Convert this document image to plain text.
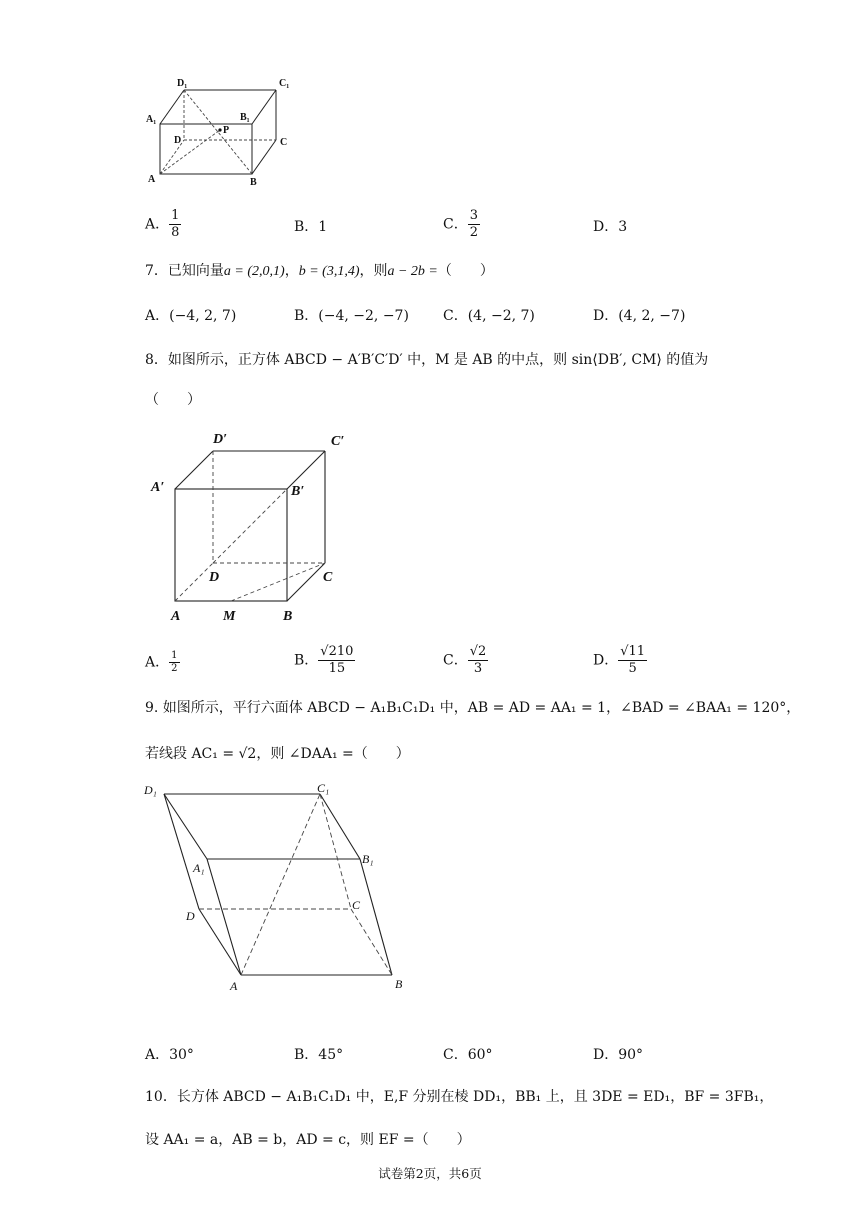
D₁	C₁
A₁	B₁
D
P
C
A	B
A． $\frac{1}{8}$	B．1	C． $\frac{3}{2}$	D．3
7．已知向量a = (2,0,1)，b = (3,1,4)，则a − 2b =（　　）
A．(−4, 2, 7)	B．(−4, −2, −7) C．(4, −2, 7)	D．(4, 2, −7)
8．如图所示，正方体 ABCD − A′B′C′D′ 中，M 是 AB 的中点，则 sin⟨DB′, CM⟩ 的值为
（　　）
D′	C′
A′	B′
D	C
A	M	B
A． $\frac{1}{2}$	B． $\frac{√210}{15}$	C． $\frac{√2}{3}$	D． $\frac{√11}{5}$
9. 如图所示，平行六面体 ABCD − A₁B₁C₁D₁ 中，AB = AD = AA₁ = 1，∠BAD = ∠BAA₁ = 120°，
若线段 AC₁ = √2，则 ∠DAA₁ =（　　）
D₁	C₁
A₁
B₁
D
C
A	B
A．30°	B．45°	C．60°	D．90°
10．长方体 ABCD − A₁B₁C₁D₁ 中，E,F 分别在棱 DD₁，BB₁ 上，且 3DE = ED₁，BF = 3FB₁，
设 AA₁ = a，AB = b，AD = c，则 EF =（　　）
试卷第2页，共6页
